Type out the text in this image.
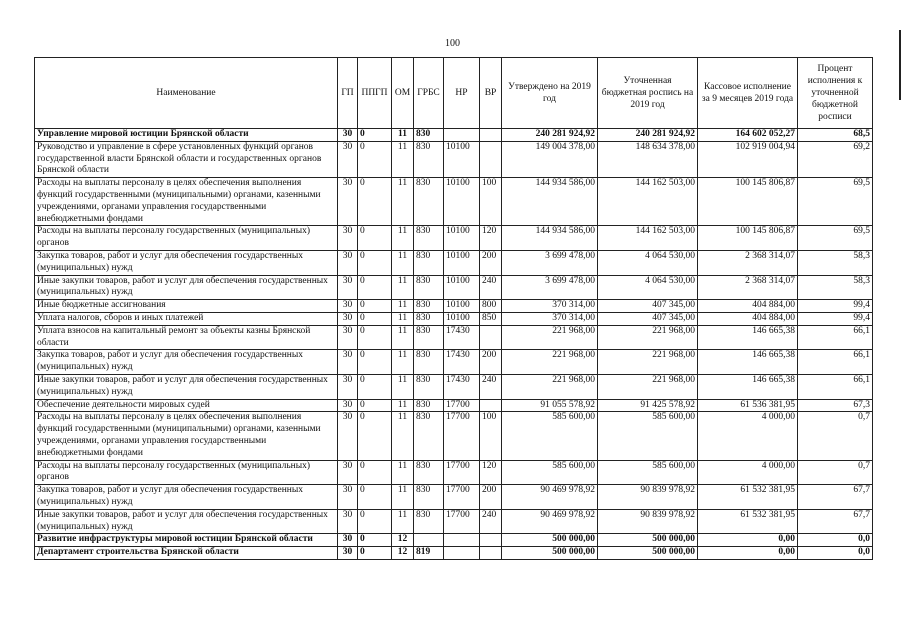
100
Наименование	ГП	ППГП	ОМ	ГРБС	НР	ВР	Утверждено на 2019 год	Уточненная бюджетная роспись на 2019 год	Кассовое исполнение за 9 месяцев 2019 года	Процент исполнения к уточненной бюджетной росписи
Управление мировой юстиции Брянской области	30	0	11	830			240 281 924,92	240 281 924,92	164 602 052,27	68,5
Руководство и управление в сфере установленных функций органов государственной власти Брянской области и государственных органов Брянской области	30	0	11	830	10100		149 004 378,00	148 634 378,00	102 919 004,94	69,2
Расходы на выплаты персоналу в целях обеспечения выполнения функций государственными (муниципальными) органами, казенными учреждениями, органами управления государственными внебюджетными фондами	30	0	11	830	10100	100	144 934 586,00	144 162 503,00	100 145 806,87	69,5
Расходы на выплаты персоналу государственных (муниципальных) органов	30	0	11	830	10100	120	144 934 586,00	144 162 503,00	100 145 806,87	69,5
Закупка товаров, работ и услуг для обеспечения государственных (муниципальных) нужд	30	0	11	830	10100	200	3 699 478,00	4 064 530,00	2 368 314,07	58,3
Иные закупки товаров, работ и услуг для обеспечения государственных (муниципальных) нужд	30	0	11	830	10100	240	3 699 478,00	4 064 530,00	2 368 314,07	58,3
Иные бюджетные ассигнования	30	0	11	830	10100	800	370 314,00	407 345,00	404 884,00	99,4
Уплата налогов, сборов и иных платежей	30	0	11	830	10100	850	370 314,00	407 345,00	404 884,00	99,4
Уплата взносов на капитальный ремонт за объекты казны Брянской области	30	0	11	830	17430		221 968,00	221 968,00	146 665,38	66,1
Закупка товаров, работ и услуг для обеспечения государственных (муниципальных) нужд	30	0	11	830	17430	200	221 968,00	221 968,00	146 665,38	66,1
Иные закупки товаров, работ и услуг для обеспечения государственных (муниципальных) нужд	30	0	11	830	17430	240	221 968,00	221 968,00	146 665,38	66,1
Обеспечение деятельности мировых судей	30	0	11	830	17700		91 055 578,92	91 425 578,92	61 536 381,95	67,3
Расходы на выплаты персоналу в целях обеспечения выполнения функций государственными (муниципальными) органами, казенными учреждениями, органами управления государственными внебюджетными фондами	30	0	11	830	17700	100	585 600,00	585 600,00	4 000,00	0,7
Расходы на выплаты персоналу государственных (муниципальных) органов	30	0	11	830	17700	120	585 600,00	585 600,00	4 000,00	0,7
Закупка товаров, работ и услуг для обеспечения государственных (муниципальных) нужд	30	0	11	830	17700	200	90 469 978,92	90 839 978,92	61 532 381,95	67,7
Иные закупки товаров, работ и услуг для обеспечения государственных (муниципальных) нужд	30	0	11	830	17700	240	90 469 978,92	90 839 978,92	61 532 381,95	67,7
Развитие инфраструктуры мировой юстиции Брянской области	30	0	12				500 000,00	500 000,00	0,00	0,0
Департамент строительства Брянской области	30	0	12	819			500 000,00	500 000,00	0,00	0,0
